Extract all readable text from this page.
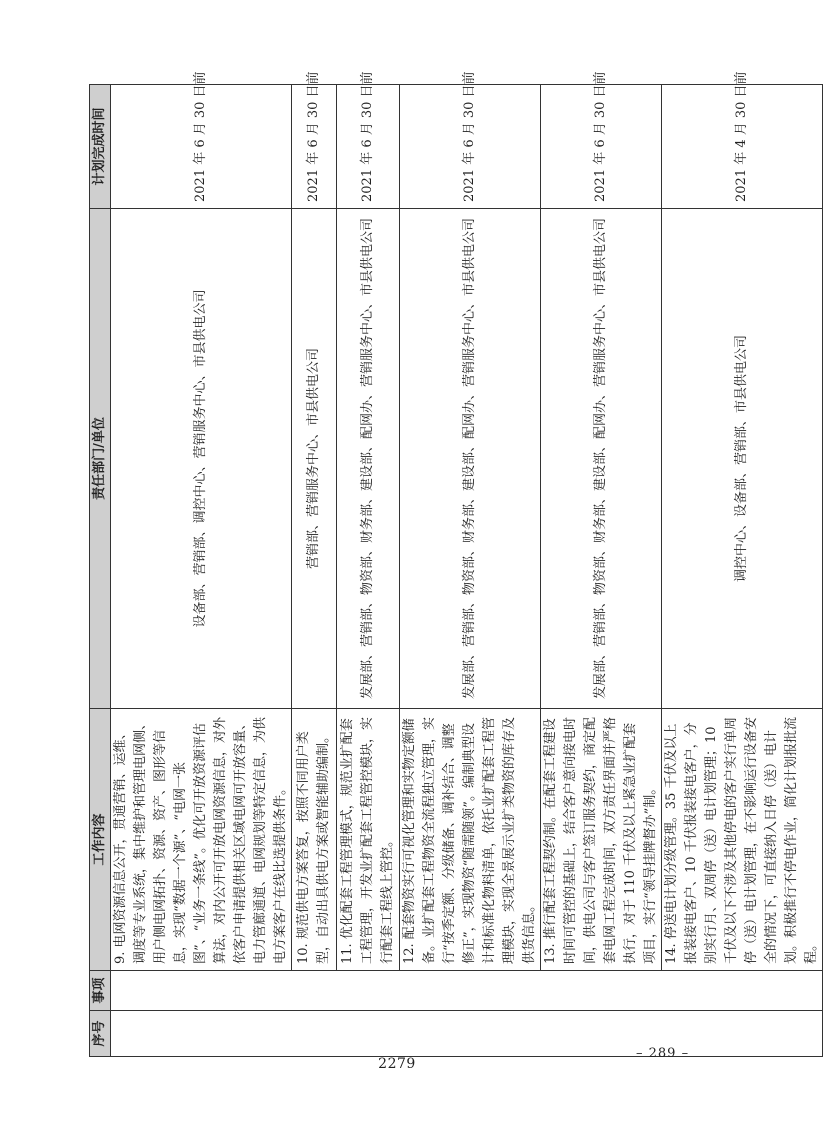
序号	事项	工作内容	责任部门/单位	计划完成时间
		9. 电网资源信息公开，贯通营销、运维、调度等专业系统，集中维护和管理电网侧、用户侧电网拓扑、资源、资产、图形等信息，实现“数据一个源”、“电网一张图”、“业务一条线”。优化可开放资源评估算法，对内公开可开放电网资源信息，对外依客户申请提供相关区域电网可开放容量、电力管廊通道、电网规划等特定信息，为供电方案客户在线比选提供条件。	设备部、营销部、调控中心、营销服务中心、市县供电公司	2021 年 6 月 30 日前
		10. 规范供电方案答复，按照不同用户类型，自动出具供电方案或智能辅助编制。	营销部、营销服务中心、市县供电公司	2021 年 6 月 30 日前
		11. 优化配套工程管理模式，规范业扩配套工程管理，开发业扩配套工程管控模块，实行配套工程线上管控。	发展部、营销部、物资部、财务部、建设部、配网办、营销服务中心、市县供电公司	2021 年 6 月 30 日前
		12. 配套物资实行可视化管理和实物定额储备。业扩配套工程物资全流程独立管理，实行“按季定额、分级储备、调补结合、调整修正”，实现物资“随需随领”。编制典型设计和标准化物料清单，依托业扩配套工程管理模块，实现全景展示业扩类物资的库存及供货信息。	发展部、营销部、物资部、财务部、建设部、配网办、营销服务中心、市县供电公司	2021 年 6 月 30 日前
		13. 推行配套工程契约制。在配套工程建设时间可管控的基础上，结合客户意向接电时间，供电公司与客户签订服务契约，商定配套电网工程完成时间，双方责任界面并严格执行，对于 110 千伏及以上紧急业扩配套项目，实行“领导挂牌督办”制。	发展部、营销部、物资部、财务部、建设部、配网办、营销服务中心、市县供电公司	2021 年 6 月 30 日前
		14. 停送电计划分级管理。35 千伏及以上报装接电客户、10 千伏报装接电客户，分别实行月、双周停（送）电计划管理；10 千伏及以下不涉及其他停电的客户实行单周停（送）电计划管理，在不影响运行设备安全的情况下，可直接纳入日停（送）电计划。积极推行不停电作业，简化计划报批流程。	调控中心、设备部、营销部、市县供电公司	2021 年 4 月 30 日前
– 289 –
2279
